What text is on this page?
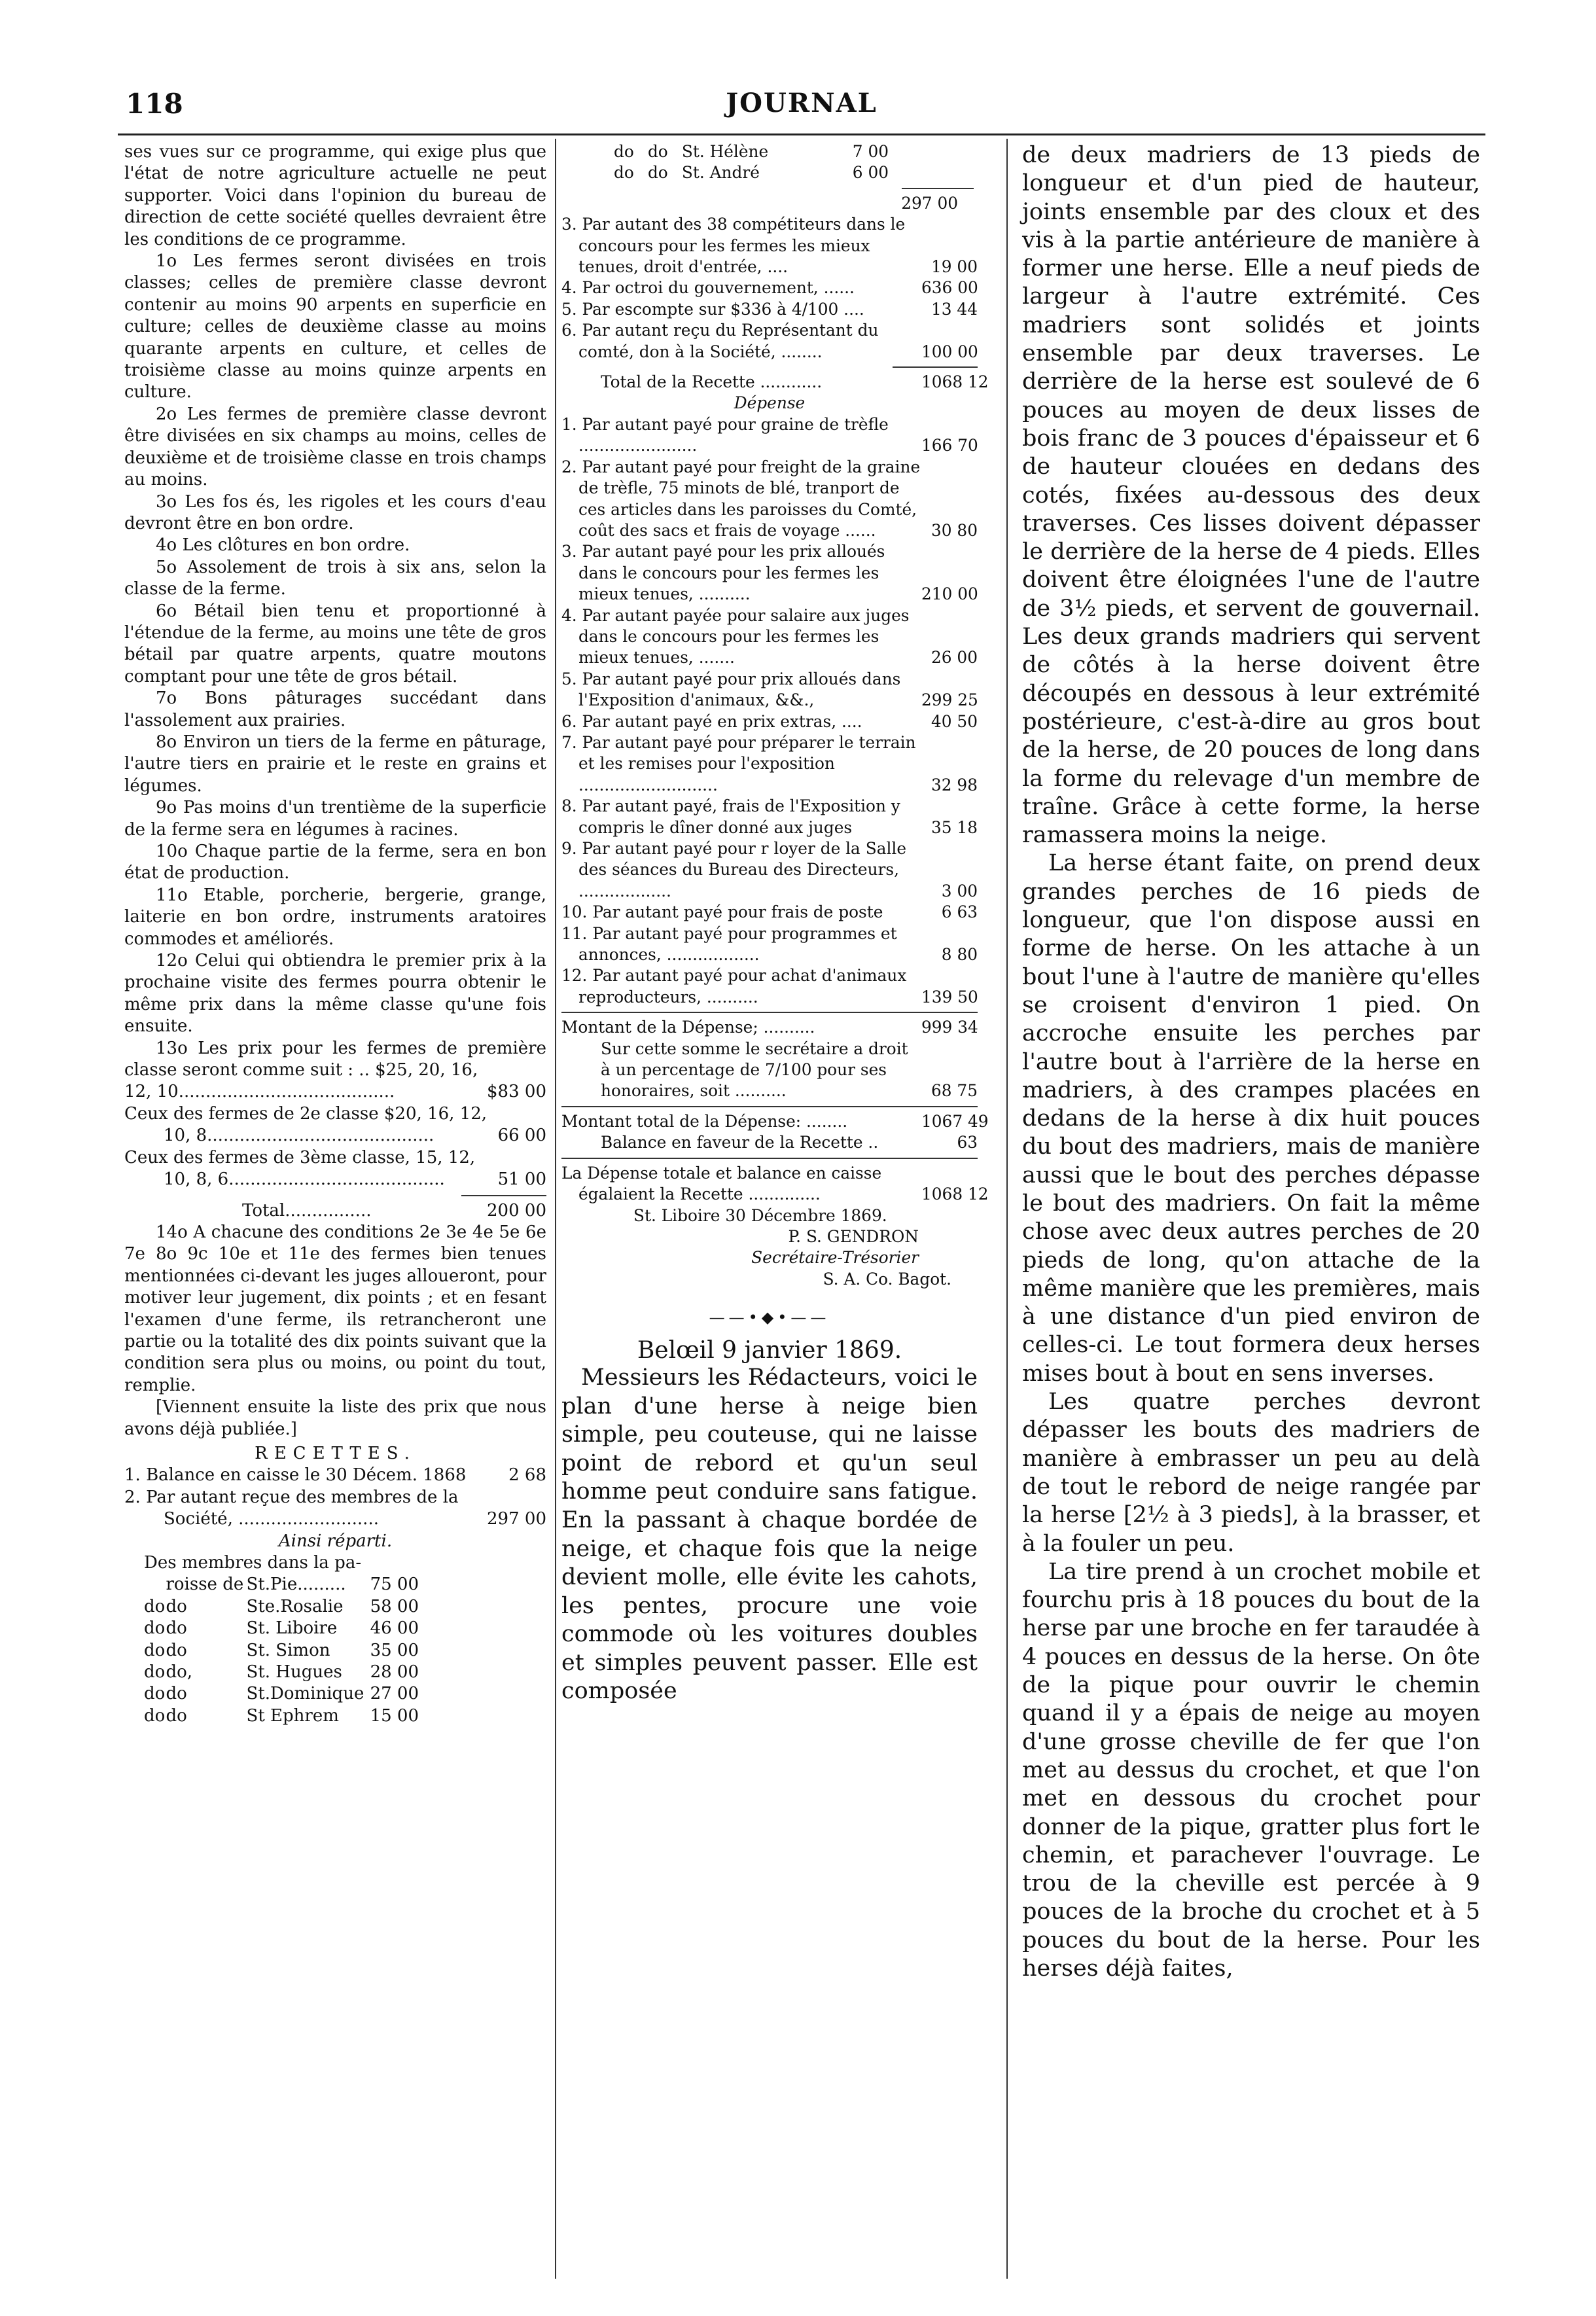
118	JOURNAL

ses vues sur ce programme, qui exige plus que l'état de notre agriculture actuelle ne peut supporter. Voici dans l'opinion du bureau de direction de cette société quelles devraient être les conditions de ce programme.

1o Les fermes seront divisées en trois classes; celles de première classe devront contenir au moins 90 arpents en superficie en culture; celles de deuxième classe au moins quarante arpents en culture, et celles de troisième classe au moins quinze arpents en culture.

2o Les fermes de première classe devront être divisées en six champs au moins, celles de deuxième et de troisième classe en trois champs au moins.

3o Les fos és, les rigoles et les cours d'eau devront être en bon ordre.

4o Les clôtures en bon ordre.

5o Assolement de trois à six ans, selon la classe de la ferme.

6o Bétail bien tenu et proportionné à l'étendue de la ferme, au moins une tête de gros bétail par quatre arpents, quatre moutons comptant pour une tête de gros bétail.

7o Bons pâturages succédant dans l'assolement aux prairies.

8o Environ un tiers de la ferme en pâturage, l'autre tiers en prairie et le reste en grains et légumes.

9o Pas moins d'un trentième de la superficie de la ferme sera en légumes à racines.

10o Chaque partie de la ferme, sera en bon état de production.

11o Etable, porcherie, bergerie, grange, laiterie en bon ordre, instruments aratoires commodes et améliorés.

12o Celui qui obtiendra le premier prix à la prochaine visite des fermes pourra obtenir le même prix dans la même classe qu'une fois ensuite.

13o Les prix pour les fermes de première classe seront comme suit : .. $25, 20, 16,

12, 10........................................	$83 00

Ceux des fermes de 2e classe $20, 16, 12,

10, 8..........................................	66 00

Ceux des fermes de 3ème classe, 15, 12,

10, 8, 6........................................	51 00
Total................	200 00

14o A chacune des conditions 2e 3e 4e 5e 6e 7e 8o 9c 10e et 11e des fermes bien tenues mentionnées ci-devant les juges alloueront, pour motiver leur jugement, dix points ; et en fesant l'examen d'une ferme, ils retrancheront une partie ou la totalité des dix points suivant que la condition sera plus ou moins, ou point du tout, remplie.

[Viennent ensuite la liste des prix que nous avons déjà publiée.]

RECETTES.
1. Balance en caisse le 30 Décem. 1868	2 68

2. Par autant reçue des membres de la

Société, ..........................	297 00
Ainsi réparti.

Des membres dans la pa-

	roisse de	St.Pie.........	75 00
do	do	Ste.Rosalie	58 00
do	do	St. Liboire	46 00
do	do	St. Simon	35 00
do	do,	St. Hugues	28 00
do	do	St.Dominique	27 00
do	do	St Ephrem	15 00
do	do	St. Hélène	7 00
do	do	St. André	6 00
297 00
3. Par autant des 38 compétiteurs dans le concours pour les fermes les mieux tenues, droit d'entrée, ....	19 00
4. Par octroi du gouvernement, ......	636 00
5. Par escompte sur $336 à 4/100 ....	13 44
6. Par autant reçu du Représentant du comté, don à la Société, ........	100 00
Total de la Recette ............	1068 12
Dépense
1. Par autant payé pour graine de trèfle .......................	166 70
2. Par autant payé pour freight de la graine de trèfle, 75 minots de blé, tranport de ces articles dans les paroisses du Comté, coût des sacs et frais de voyage ......	30 80
3. Par autant payé pour les prix alloués dans le concours pour les fermes les mieux tenues, ..........	210 00
4. Par autant payée pour salaire aux juges dans le concours pour les fermes les mieux tenues, .......	26 00
5. Par autant payé pour prix alloués dans l'Exposition d'animaux, &&.,	299 25
6. Par autant payé en prix extras, ....	40 50
7. Par autant payé pour préparer le terrain et les remises pour l'exposition ...........................	32 98
8. Par autant payé, frais de l'Exposition y compris le dîner donné aux juges	35 18
9. Par autant payé pour r loyer de la Salle des séances du Bureau des Directeurs, ..................	3 00
10. Par autant payé pour frais de poste	6 63
11. Par autant payé pour programmes et annonces, ..................	8 80
12. Par autant payé pour achat d'animaux reproducteurs, ..........	139 50
Montant de la Dépense; ..........	999 34
Sur cette somme le secrétaire a droit à un percentage de 7/100 pour ses honoraires, soit ..........	68 75
Montant total de la Dépense: ........	1067 49
Balance en faveur de la Recette ..	63
La Dépense totale et balance en caisse égalaient la Recette ..............	1068 12
St. Liboire 30 Décembre 1869.
P. S. GENDRON
Secrétaire-Trésorier
S. A. Co. Bagot.
——•◆•——
Belœil 9 janvier 1869.

Messieurs les Rédacteurs, voici le plan d'une herse à neige bien simple, peu couteuse, qui ne laisse point de rebord et qu'un seul homme peut conduire sans fatigue. En la passant à chaque bordée de neige, et chaque fois que la neige devient molle, elle évite les cahots, les pentes, procure une voie commode où les voitures doubles et simples peuvent passer. Elle est composée

de deux madriers de 13 pieds de longueur et d'un pied de hauteur, joints ensemble par des cloux et des vis à la partie antérieure de manière à former une herse. Elle a neuf pieds de largeur à l'autre extrémité. Ces madriers sont solidés et joints ensemble par deux traverses. Le derrière de la herse est soulevé de 6 pouces au moyen de deux lisses de bois franc de 3 pouces d'épaisseur et 6 de hauteur clouées en dedans des cotés, fixées au-dessous des deux traverses. Ces lisses doivent dépasser le derrière de la herse de 4 pieds. Elles doivent être éloignées l'une de l'autre de 3½ pieds, et servent de gouvernail. Les deux grands madriers qui servent de côtés à la herse doivent être découpés en dessous à leur extrémité postérieure, c'est-à-dire au gros bout de la herse, de 20 pouces de long dans la forme du relevage d'un membre de traîne. Grâce à cette forme, la herse ramassera moins la neige.

La herse étant faite, on prend deux grandes perches de 16 pieds de longueur, que l'on dispose aussi en forme de herse. On les attache à un bout l'une à l'autre de manière qu'elles se croisent d'environ 1 pied. On accroche ensuite les perches par l'autre bout à l'arrière de la herse en madriers, à des crampes placées en dedans de la herse à dix huit pouces du bout des madriers, mais de manière aussi que le bout des perches dépasse le bout des madriers. On fait la même chose avec deux autres perches de 20 pieds de long, qu'on attache de la même manière que les premières, mais à une distance d'un pied environ de celles-ci. Le tout formera deux herses mises bout à bout en sens inverses.

Les quatre perches devront dépasser les bouts des madriers de manière à embrasser un peu au delà de tout le rebord de neige rangée par la herse [2½ à 3 pieds], à la brasser, et à la fouler un peu.

La tire prend à un crochet mobile et fourchu pris à 18 pouces du bout de la herse par une broche en fer taraudée à 4 pouces en dessus de la herse. On ôte de la pique pour ouvrir le chemin quand il y a épais de neige au moyen d'une grosse cheville de fer que l'on met au dessus du crochet, et que l'on met en dessous du crochet pour donner de la pique, gratter plus fort le chemin, et parachever l'ouvrage. Le trou de la cheville est percée à 9 pouces de la broche du crochet et à 5 pouces du bout de la herse. Pour les herses déjà faites,
